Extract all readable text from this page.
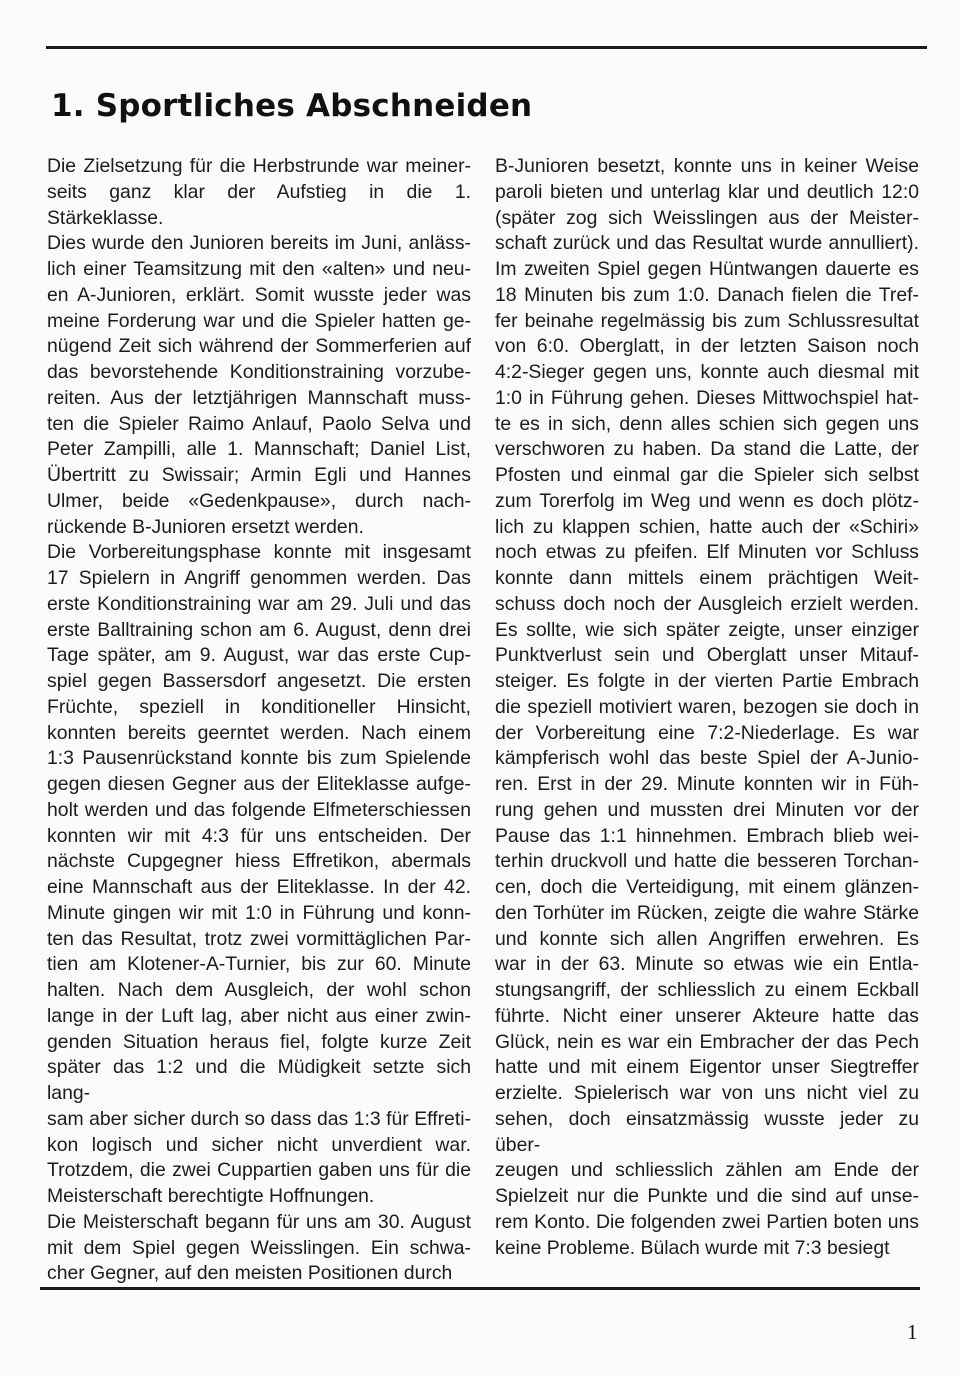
1. Sportliches Abschneiden
Die Zielsetzung für die Herbstrunde war meiner-
seits ganz klar der Aufstieg in die 1. Stärkeklasse.
Dies wurde den Junioren bereits im Juni, anläss-
lich einer Teamsitzung mit den «alten» und neu-
en A-Junioren, erklärt. Somit wusste jeder was
meine Forderung war und die Spieler hatten ge-
nügend Zeit sich während der Sommerferien auf
das bevorstehende Konditionstraining vorzube-
reiten. Aus der letztjährigen Mannschaft muss-
ten die Spieler Raimo Anlauf, Paolo Selva und
Peter Zampilli, alle 1. Mannschaft; Daniel List,
Übertritt zu Swissair; Armin Egli und Hannes
Ulmer, beide «Gedenkpause», durch nach-
rückende B-Junioren ersetzt werden.
Die Vorbereitungsphase konnte mit insgesamt
17 Spielern in Angriff genommen werden. Das
erste Konditionstraining war am 29. Juli und das
erste Balltraining schon am 6. August, denn drei
Tage später, am 9. August, war das erste Cup-
spiel gegen Bassersdorf angesetzt. Die ersten
Früchte, speziell in konditioneller Hinsicht,
konnten bereits geerntet werden. Nach einem
1:3 Pausenrückstand konnte bis zum Spielende
gegen diesen Gegner aus der Eliteklasse aufge-
holt werden und das folgende Elfmeterschiessen
konnten wir mit 4:3 für uns entscheiden. Der
nächste Cupgegner hiess Effretikon, abermals
eine Mannschaft aus der Eliteklasse. In der 42.
Minute gingen wir mit 1:0 in Führung und konn-
ten das Resultat, trotz zwei vormittäglichen Par-
tien am Klotener-A-Turnier, bis zur 60. Minute
halten. Nach dem Ausgleich, der wohl schon
lange in der Luft lag, aber nicht aus einer zwin-
genden Situation heraus fiel, folgte kurze Zeit
später das 1:2 und die Müdigkeit setzte sich lang-
sam aber sicher durch so dass das 1:3 für Effreti-
kon logisch und sicher nicht unverdient war.
Trotzdem, die zwei Cuppartien gaben uns für die
Meisterschaft berechtigte Hoffnungen.
Die Meisterschaft begann für uns am 30. August
mit dem Spiel gegen Weisslingen. Ein schwa-
cher Gegner, auf den meisten Positionen durch
B-Junioren besetzt, konnte uns in keiner Weise
paroli bieten und unterlag klar und deutlich 12:0
(später zog sich Weisslingen aus der Meister-
schaft zurück und das Resultat wurde annulliert).
Im zweiten Spiel gegen Hüntwangen dauerte es
18 Minuten bis zum 1:0. Danach fielen die Tref-
fer beinahe regelmässig bis zum Schlussresultat
von 6:0. Oberglatt, in der letzten Saison noch
4:2-Sieger gegen uns, konnte auch diesmal mit
1:0 in Führung gehen. Dieses Mittwochspiel hat-
te es in sich, denn alles schien sich gegen uns
verschworen zu haben. Da stand die Latte, der
Pfosten und einmal gar die Spieler sich selbst
zum Torerfolg im Weg und wenn es doch plötz-
lich zu klappen schien, hatte auch der «Schiri»
noch etwas zu pfeifen. Elf Minuten vor Schluss
konnte dann mittels einem prächtigen Weit-
schuss doch noch der Ausgleich erzielt werden.
Es sollte, wie sich später zeigte, unser einziger
Punktverlust sein und Oberglatt unser Mitauf-
steiger. Es folgte in der vierten Partie Embrach
die speziell motiviert waren, bezogen sie doch in
der Vorbereitung eine 7:2-Niederlage. Es war
kämpferisch wohl das beste Spiel der A-Junio-
ren. Erst in der 29. Minute konnten wir in Füh-
rung gehen und mussten drei Minuten vor der
Pause das 1:1 hinnehmen. Embrach blieb wei-
terhin druckvoll und hatte die besseren Torchan-
cen, doch die Verteidigung, mit einem glänzen-
den Torhüter im Rücken, zeigte die wahre Stärke
und konnte sich allen Angriffen erwehren. Es
war in der 63. Minute so etwas wie ein Entla-
stungsangriff, der schliesslich zu einem Eckball
führte. Nicht einer unserer Akteure hatte das
Glück, nein es war ein Embracher der das Pech
hatte und mit einem Eigentor unser Siegtreffer
erzielte. Spielerisch war von uns nicht viel zu
sehen, doch einsatzmässig wusste jeder zu über-
zeugen und schliesslich zählen am Ende der
Spielzeit nur die Punkte und die sind auf unse-
rem Konto. Die folgenden zwei Partien boten uns
keine Probleme. Bülach wurde mit 7:3 besiegt
1
